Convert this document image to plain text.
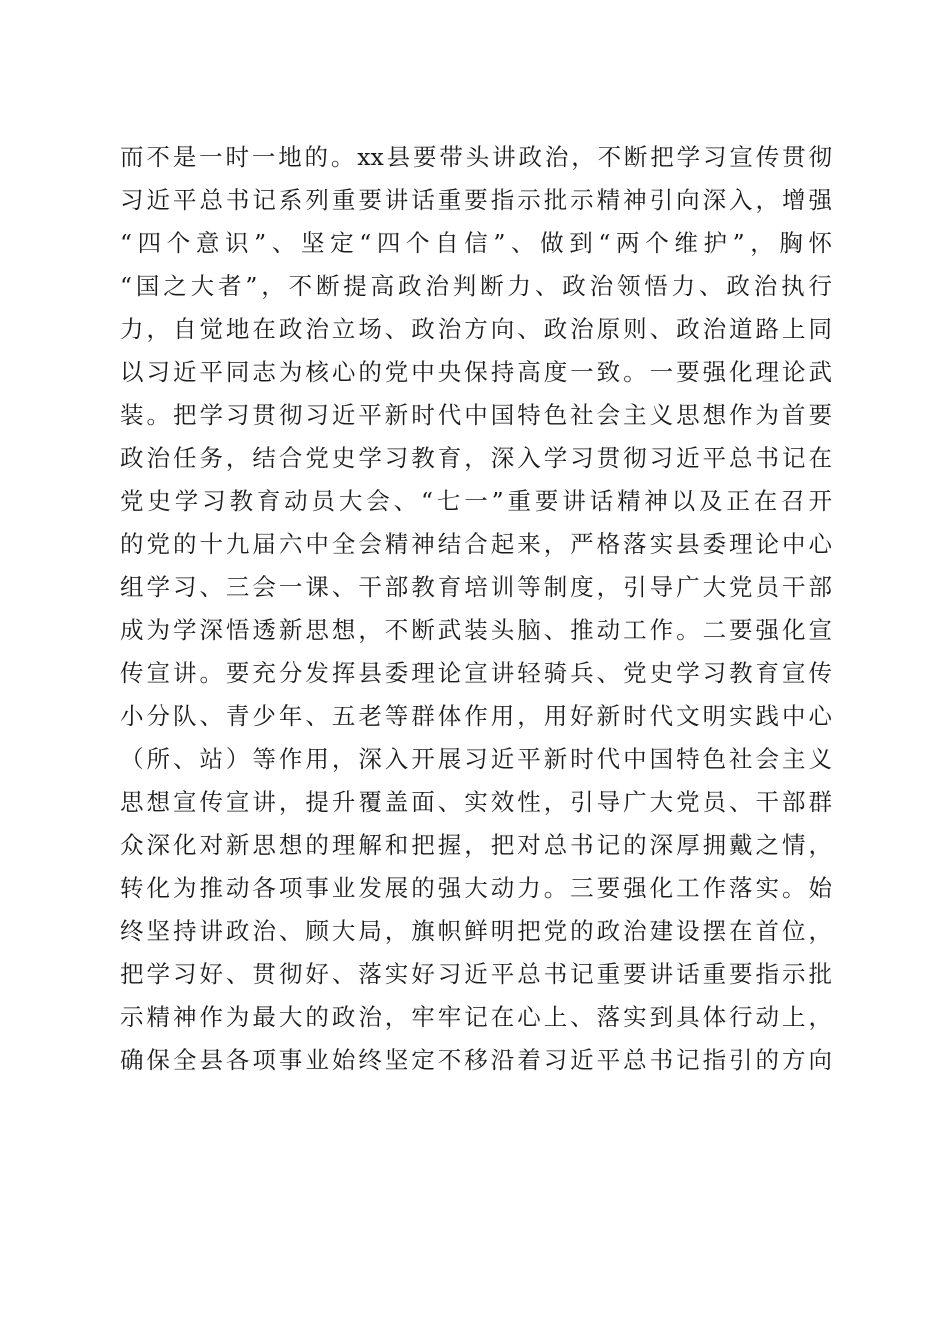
而不是一时一地的。xx县要带头讲政治，不断把学习宣传贯彻
习近平总书记系列重要讲话重要指示批示精神引向深入，增强
“四个意识”、坚定“四个自信”、做到“两个维护”，胸怀
“国之大者”，不断提高政治判断力、政治领悟力、政治执行
力，自觉地在政治立场、政治方向、政治原则、政治道路上同
以习近平同志为核心的党中央保持高度一致。一要强化理论武
装。把学习贯彻习近平新时代中国特色社会主义思想作为首要
政治任务，结合党史学习教育，深入学习贯彻习近平总书记在
党史学习教育动员大会、“七一”重要讲话精神以及正在召开
的党的十九届六中全会精神结合起来，严格落实县委理论中心
组学习、三会一课、干部教育培训等制度，引导广大党员干部
成为学深悟透新思想，不断武装头脑、推动工作。二要强化宣
传宣讲。要充分发挥县委理论宣讲轻骑兵、党史学习教育宣传
小分队、青少年、五老等群体作用，用好新时代文明实践中心
（所、站）等作用，深入开展习近平新时代中国特色社会主义
思想宣传宣讲，提升覆盖面、实效性，引导广大党员、干部群
众深化对新思想的理解和把握，把对总书记的深厚拥戴之情，
转化为推动各项事业发展的强大动力。三要强化工作落实。始
终坚持讲政治、顾大局，旗帜鲜明把党的政治建设摆在首位，
把学习好、贯彻好、落实好习近平总书记重要讲话重要指示批
示精神作为最大的政治，牢牢记在心上、落实到具体行动上，
确保全县各项事业始终坚定不移沿着习近平总书记指引的方向
